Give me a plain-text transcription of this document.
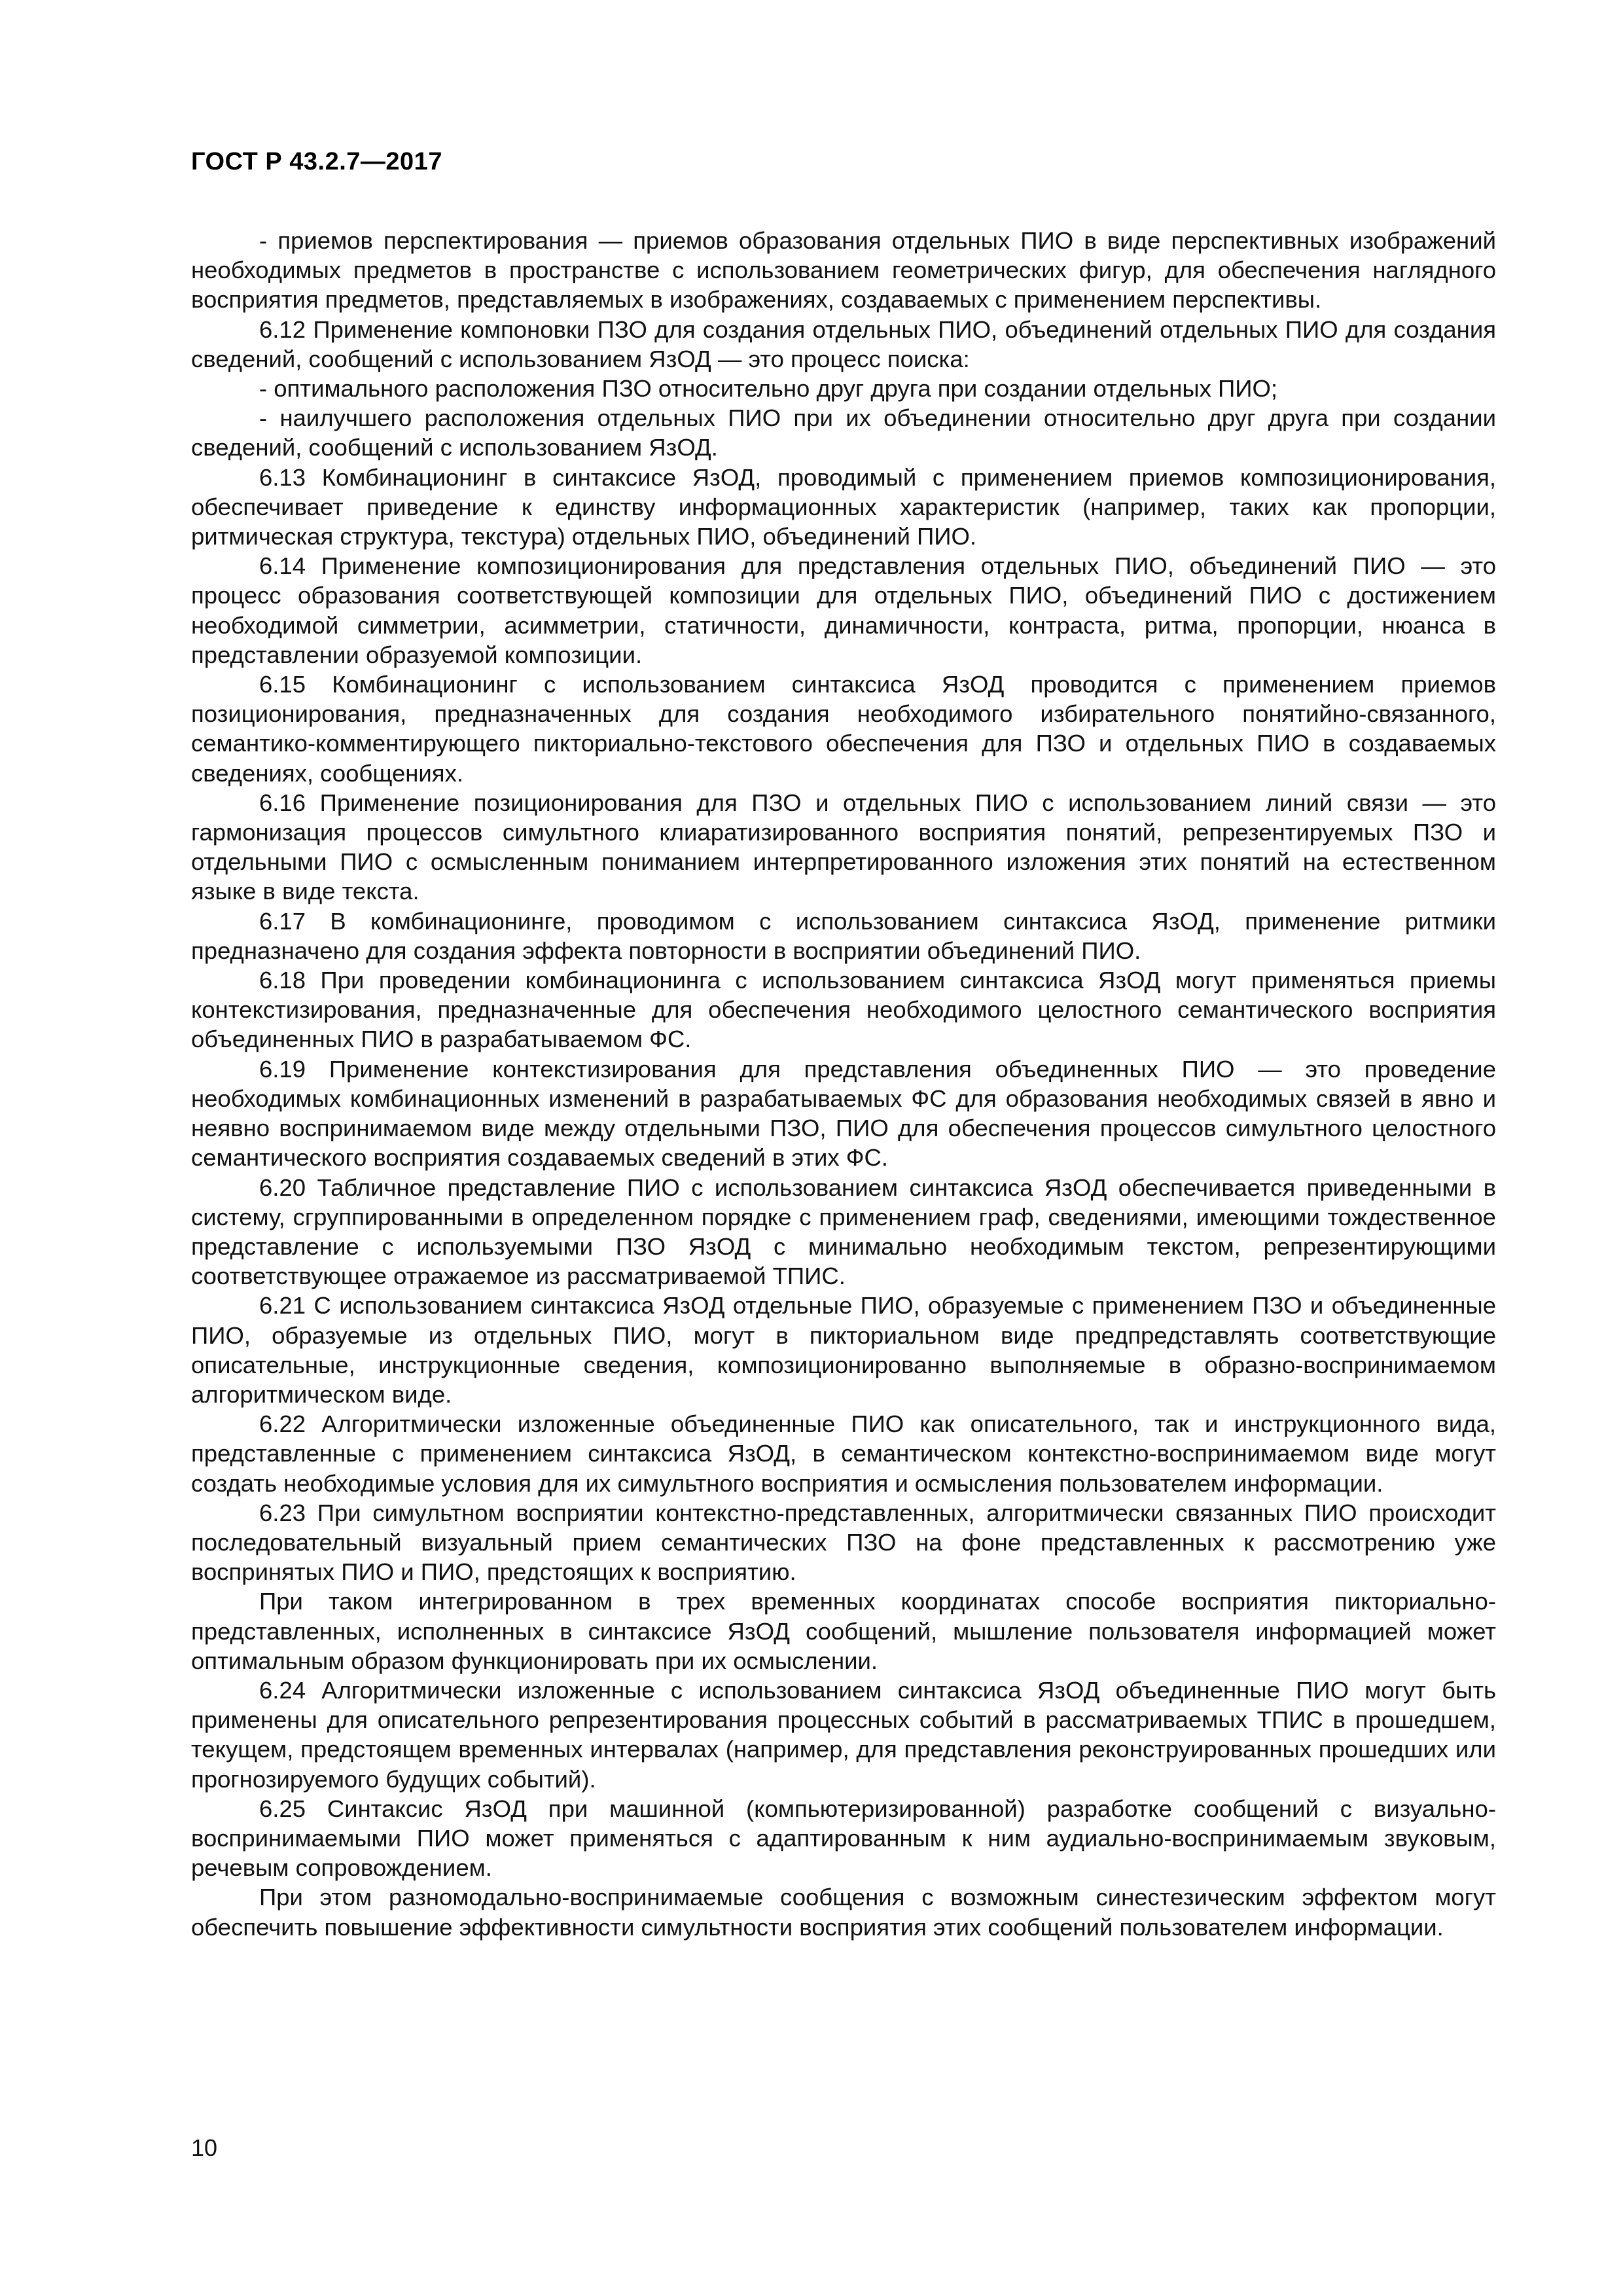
ГОСТ Р 43.2.7—2017

- приемов перспектирования — приемов образования отдельных ПИО в виде перспективных изображений необходимых предметов в пространстве с использованием геометрических фигур, для обеспечения наглядного восприятия предметов, представляемых в изображениях, создаваемых с применением перспективы.

6.12 Применение компоновки ПЗО для создания отдельных ПИО, объединений отдельных ПИО для создания сведений, сообщений с использованием ЯзОД — это процесс поиска:

- оптимального расположения ПЗО относительно друг друга при создании отдельных ПИО;

- наилучшего расположения отдельных ПИО при их объединении относительно друг друга при создании сведений, сообщений с использованием ЯзОД.

6.13 Комбинационинг в синтаксисе ЯзОД, проводимый с применением приемов композиционирования, обеспечивает приведение к единству информационных характеристик (например, таких как пропорции, ритмическая структура, текстура) отдельных ПИО, объединений ПИО.

6.14 Применение композиционирования для представления отдельных ПИО, объединений ПИО — это процесс образования соответствующей композиции для отдельных ПИО, объединений ПИО с достижением необходимой симметрии, асимметрии, статичности, динамичности, контраста, ритма, пропорции, нюанса в представлении образуемой композиции.

6.15 Комбинационинг с использованием синтаксиса ЯзОД проводится с применением приемов позиционирования, предназначенных для создания необходимого избирательного понятийно-связанного, семантико-комментирующего пикториально-текстового обеспечения для ПЗО и отдельных ПИО в создаваемых сведениях, сообщениях.

6.16 Применение позиционирования для ПЗО и отдельных ПИО с использованием линий связи — это гармонизация процессов симультного клиаратизированного восприятия понятий, репрезентируемых ПЗО и отдельными ПИО с осмысленным пониманием интерпретированного изложения этих понятий на естественном языке в виде текста.

6.17 В комбинационинге, проводимом с использованием синтаксиса ЯзОД, применение ритмики предназначено для создания эффекта повторности в восприятии объединений ПИО.

6.18 При проведении комбинационинга с использованием синтаксиса ЯзОД могут применяться приемы контекстизирования, предназначенные для обеспечения необходимого целостного семантического восприятия объединенных ПИО в разрабатываемом ФС.

6.19 Применение контекстизирования для представления объединенных ПИО — это проведение необходимых комбинационных изменений в разрабатываемых ФС для образования необходимых связей в явно и неявно воспринимаемом виде между отдельными ПЗО, ПИО для обеспечения процессов симультного целостного семантического восприятия создаваемых сведений в этих ФС.

6.20 Табличное представление ПИО с использованием синтаксиса ЯзОД обеспечивается приведенными в систему, сгруппированными в определенном порядке с применением граф, сведениями, имеющими тождественное представление с используемыми ПЗО ЯзОД с минимально необходимым текстом, репрезентирующими соответствующее отражаемое из рассматриваемой ТПИС.

6.21 С использованием синтаксиса ЯзОД отдельные ПИО, образуемые с применением ПЗО и объединенные ПИО, образуемые из отдельных ПИО, могут в пикториальном виде предпредставлять соответствующие описательные, инструкционные сведения, композиционированно выполняемые в образно-воспринимаемом алгоритмическом виде.

6.22 Алгоритмически изложенные объединенные ПИО как описательного, так и инструкционного вида, представленные с применением синтаксиса ЯзОД, в семантическом контекстно-воспринимаемом виде могут создать необходимые условия для их симультного восприятия и осмысления пользователем информации.

6.23 При симультном восприятии контекстно-представленных, алгоритмически связанных ПИО происходит последовательный визуальный прием семантических ПЗО на фоне представленных к рассмотрению уже воспринятых ПИО и ПИО, предстоящих к восприятию.

При таком интегрированном в трех временных координатах способе восприятия пикториально-представленных, исполненных в синтаксисе ЯзОД сообщений, мышление пользователя информацией может оптимальным образом функционировать при их осмыслении.

6.24 Алгоритмически изложенные с использованием синтаксиса ЯзОД объединенные ПИО могут быть применены для описательного репрезентирования процессных событий в рассматриваемых ТПИС в прошедшем, текущем, предстоящем временных интервалах (например, для представления реконструированных прошедших или прогнозируемого будущих событий).

6.25 Синтаксис ЯзОД при машинной (компьютеризированной) разработке сообщений с визуально-воспринимаемыми ПИО может применяться с адаптированным к ним аудиально-воспринимаемым звуковым, речевым сопровождением.

При этом разномодально-воспринимаемые сообщения с возможным синестезическим эффектом могут обеспечить повышение эффективности симультности восприятия этих сообщений пользователем информации.

10
